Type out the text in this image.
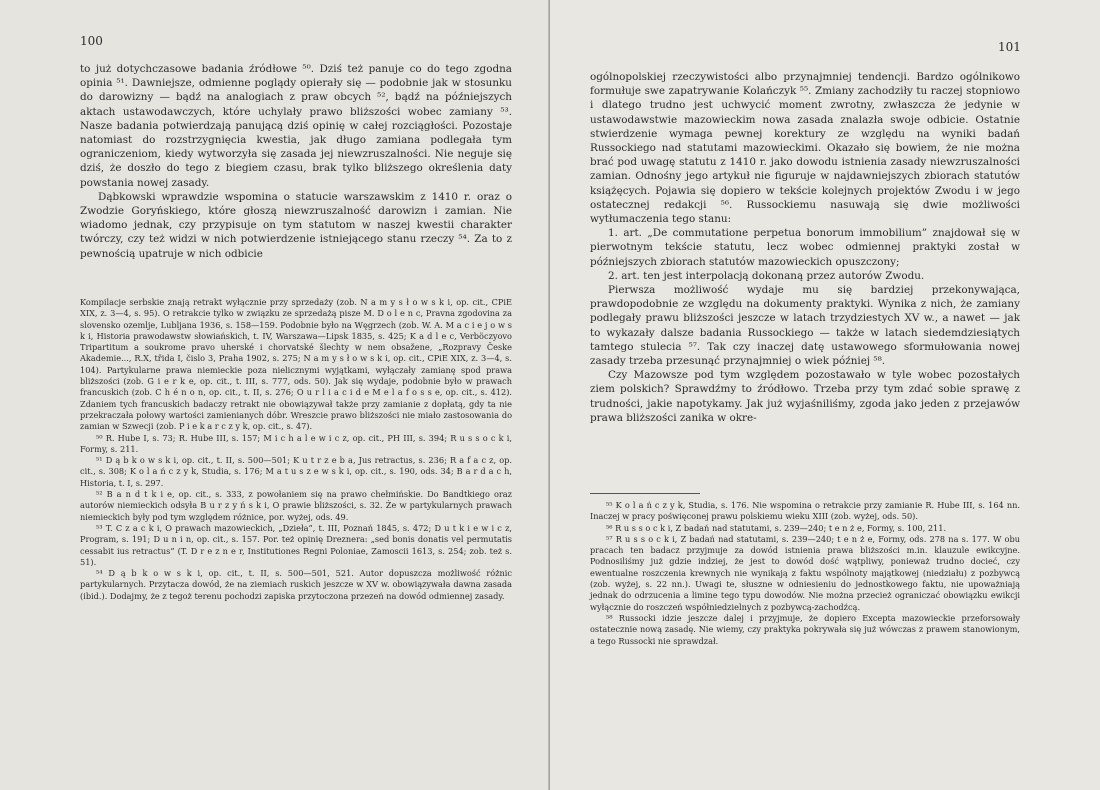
100

to już dotychczasowe badania źródłowe ⁵⁰. Dziś też panuje co do tego zgodna opinia ⁵¹. Dawniejsze, odmienne poglądy opierały się — podobnie jak w stosunku do darowizny — bądź na analogiach z praw obcych ⁵², bądź na późniejszych aktach ustawodawczych, które uchylały prawo bliższości wobec zamiany ⁵³. Nasze badania potwierdzają panującą dziś opinię w całej rozciągłości. Pozostaje natomiast do rozstrzygnięcia kwestia, jak długo zamiana podlegała tym ograniczeniom, kiedy wytworzyła się zasada jej niewzruszalności. Nie neguje się dziś, że doszło do tego z biegiem czasu, brak tylko bliższego określenia daty powstania nowej zasady.

Dąbkowski wprawdzie wspomina o statucie warszawskim z 1410 r. oraz o Zwodzie Goryńskiego, które głoszą niewzruszalność darowizn i zamian. Nie wiadomo jednak, czy przypisuje on tym statutom w naszej kwestii charakter twórczy, czy też widzi w nich potwierdzenie istniejącego stanu rzeczy ⁵⁴. Za to z pewnością upatruje w nich odbicie

Kompilacje serbskie znają retrakt wyłącznie przy sprzedaży (zob. N a m y s ł o w s k i, op. cit., CPiE XIX, z. 3—4, s. 95). O retrakcie tylko w związku ze sprzedażą pisze M. D o l e n c, Pravna zgodovina za slovensko ozemlje, Lubljana 1936, s. 158—159. Podobnie było na Węgrzech (zob. W. A. M a c i e j o w s k i, Historia prawodawstw słowiańskich, t. IV, Warszawa—Lipsk 1835, s. 425; K a d l e c, Verböczyovo Tripartitum a soukrome pravo uherské i chorvatské šlechty w nem obsažene, „Rozpravy Česke Akademie..., R.X, třida I, čislo 3, Praha 1902, s. 275; N a m y s ł o w s k i, op. cit., CPiE XIX, z. 3—4, s. 104). Partykularne prawa niemieckie poza nielicznymi wyjątkami, wyłączały zamianę spod prawa bliższości (zob. G i e r k e, op. cit., t. III, s. 777, ods. 50). Jak się wydaje, podobnie było w prawach francuskich (zob. C h é n o n, op. cit., t. II, s. 276; O u r l i a c i d e M e l a f o s s e, op. cit., s. 412). Zdaniem tych francuskich badaczy retrakt nie obowiązywał także przy zamianie z dopłatą, gdy ta nie przekraczała połowy wartości zamienianych dóbr. Wreszcie prawo bliższości nie miało zastosowania do zamian w Szwecji (zob. P i e k a r c z y k, op. cit., s. 47).

⁵⁰ R. Hube I, s. 73; R. Hube III, s. 157; M i c h a l e w i c z, op. cit., PH III, s. 394; R u s s o c k i, Formy, s. 211.

⁵¹ D ą b k o w s k i, op. cit., t. II, s. 500—501; K u t r z e b a, Jus retractus, s. 236; R a f a c z, op. cit., s. 308; K o l a ń c z y k, Studia, s. 176; M a t u s z e w s k i, op. cit., s. 190, ods. 34; B a r d a c h, Historia, t. I, s. 297.

⁵² B a n d t k i e, op. cit., s. 333, z powołaniem się na prawo chełmińskie. Do Bandtkiego oraz autorów niemieckich odsyła B u r z y ń s k i, O prawie bliższości, s. 32. Że w partykularnych prawach niemieckich były pod tym względem różnice, por. wyżej, ods. 49.

⁵³ T. C z a c k i, O prawach mazowieckich, „Dzieła”, t. III, Poznań 1845, s. 472; D u t k i e w i c z, Program, s. 191; D u n i n, op. cit., s. 157. Por. też opinię Dreznera: „sed bonis donatis vel permutatis cessabit ius retractus” (T. D r e z n e r, Institutiones Regni Poloniae, Zamoscii 1613, s. 254; zob. też s. 51).

⁵⁴ D ą b k o w s k i, op. cit., t. II, s. 500—501, 521. Autor dopuszcza możliwość różnic partykularnych. Przytacza dowód, że na ziemiach ruskich jeszcze w XV w. obowiązywała dawna zasada (ibid.). Dodajmy, że z tegoż terenu pochodzi zapiska przytoczona przezeń na dowód odmiennej zasady.

101

ogólnopolskiej rzeczywistości albo przynajmniej tendencji. Bardzo ogólnikowo formułuje swe zapatrywanie Kolańczyk ⁵⁵. Zmiany zachodziły tu raczej stopniowo i dlatego trudno jest uchwycić moment zwrotny, zwłaszcza że jedynie w ustawodawstwie mazowieckim nowa zasada znalazła swoje odbicie. Ostatnie stwierdzenie wymaga pewnej korektury ze względu na wyniki badań Russockiego nad statutami mazowieckimi. Okazało się bowiem, że nie można brać pod uwagę statutu z 1410 r. jako dowodu istnienia zasady niewzruszalności zamian. Odnośny jego artykuł nie figuruje w najdawniejszych zbiorach statutów książęcych. Pojawia się dopiero w tekście kolejnych projektów Zwodu i w jego ostatecznej redakcji ⁵⁶. Russockiemu nasuwają się dwie możliwości wytłumaczenia tego stanu:

1. art. „De commutatione perpetua bonorum immobilium” znajdował się w pierwotnym tekście statutu, lecz wobec odmiennej praktyki został w późniejszych zbiorach statutów mazowieckich opuszczony;

2. art. ten jest interpolacją dokonaną przez autorów Zwodu.

Pierwsza możliwość wydaje mu się bardziej przekonywająca, prawdopodobnie ze względu na dokumenty praktyki. Wynika z nich, że zamiany podlegały prawu bliższości jeszcze w latach trzydziestych XV w., a nawet — jak to wykazały dalsze badania Russockiego — także w latach siedemdziesiątych tamtego stulecia ⁵⁷. Tak czy inaczej datę ustawowego sformułowania nowej zasady trzeba przesunąć przynajmniej o wiek później ⁵⁸.

Czy Mazowsze pod tym względem pozostawało w tyle wobec pozostałych ziem polskich? Sprawdźmy to źródłowo. Trzeba przy tym zdać sobie sprawę z trudności, jakie napotykamy. Jak już wyjaśniliśmy, zgoda jako jeden z przejawów prawa bliższości zanika w okre-

⁵⁵ K o l a ń c z y k, Studia, s. 176. Nie wspomina o retrakcie przy zamianie R. Hube III, s. 164 nn. Inaczej w pracy poświęconej prawu polskiemu wieku XIII (zob. wyżej, ods. 50).

⁵⁶ R u s s o c k i, Z badań nad statutami, s. 239—240; t e n ż e, Formy, s. 100, 211.

⁵⁷ R u s s o c k i, Z badań nad statutami, s. 239—240; t e n ż e, Formy, ods. 278 na s. 177. W obu pracach ten badacz przyjmuje za dowód istnienia prawa bliższości m.in. klauzule ewikcyjne. Podnosiliśmy już gdzie indziej, że jest to dowód dość wątpliwy, ponieważ trudno docieć, czy ewentualne roszczenia krewnych nie wynikają z faktu wspólnoty majątkowej (niedziału) z pozbywcą (zob. wyżej, s. 22 nn.). Uwagi te, słuszne w odniesieniu do jednostkowego faktu, nie upoważniają jednak do odrzucenia a limine tego typu dowodów. Nie można przecież ograniczać obowiązku ewikcji wyłącznie do roszczeń współniedzielnych z pozbywcą-zachodźcą.

⁵⁸ Russocki idzie jeszcze dalej i przyjmuje, że dopiero Excepta mazowieckie przeforsowały ostatecznie nową zasadę. Nie wiemy, czy praktyka pokrywała się już wówczas z prawem stanowionym, a tego Russocki nie sprawdzał.
